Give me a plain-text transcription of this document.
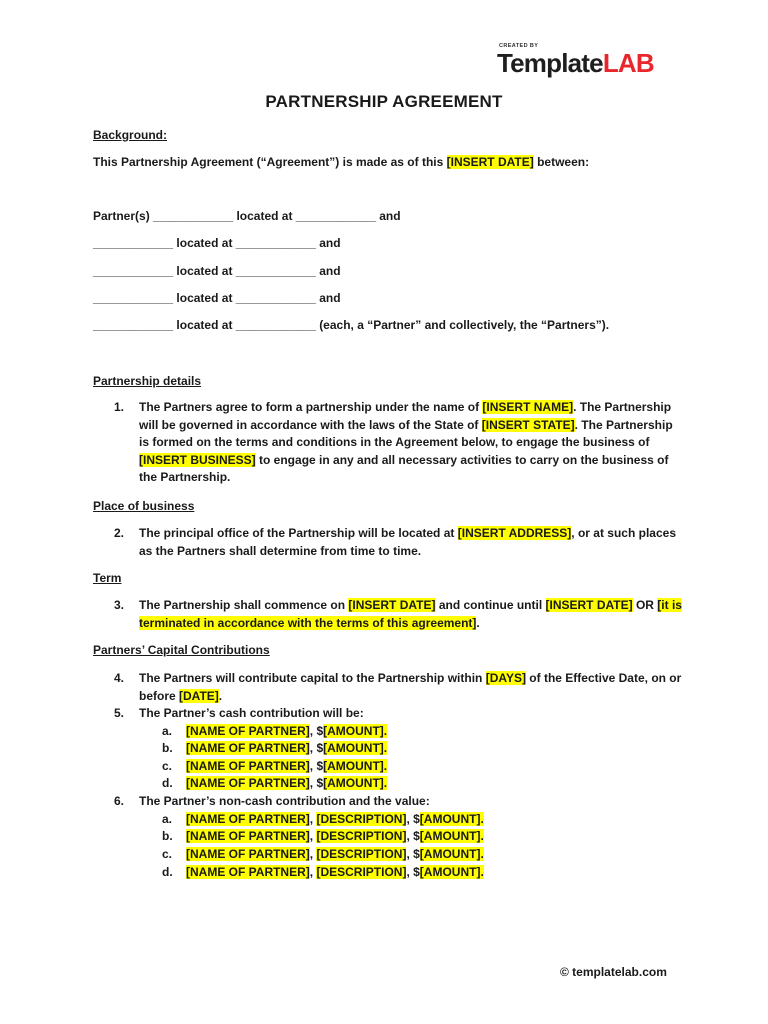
CREATED BY
TemplateLAB
PARTNERSHIP AGREEMENT
Background:
This Partnership Agreement (“Agreement”) is made as of this [INSERT DATE] between:
Partner(s) ____________ located at ____________ and
____________ located at ____________ and
____________ located at ____________ and
____________ located at ____________ and
____________ located at ____________ (each, a “Partner” and collectively, the “Partners”).
Partnership details
1. The Partners agree to form a partnership under the name of [INSERT NAME]. The Partnership will be governed in accordance with the laws of the State of [INSERT STATE]. The Partnership is formed on the terms and conditions in the Agreement below, to engage the business of [INSERT BUSINESS] to engage in any and all necessary activities to carry on the business of the Partnership.
Place of business
2. The principal office of the Partnership will be located at [INSERT ADDRESS], or at such places as the Partners shall determine from time to time.
Term
3. The Partnership shall commence on [INSERT DATE] and continue until [INSERT DATE] OR [it is terminated in accordance with the terms of this agreement].
Partners’ Capital Contributions
4. The Partners will contribute capital to the Partnership within [DAYS] of the Effective Date, on or before [DATE].
5. The Partner’s cash contribution will be:
a. [NAME OF PARTNER], $[AMOUNT].
b. [NAME OF PARTNER], $[AMOUNT].
c. [NAME OF PARTNER], $[AMOUNT].
d. [NAME OF PARTNER], $[AMOUNT].
6. The Partner’s non-cash contribution and the value:
a. [NAME OF PARTNER], [DESCRIPTION], $[AMOUNT].
b. [NAME OF PARTNER], [DESCRIPTION], $[AMOUNT].
c. [NAME OF PARTNER], [DESCRIPTION], $[AMOUNT].
d. [NAME OF PARTNER], [DESCRIPTION], $[AMOUNT].
© templatelab.com
